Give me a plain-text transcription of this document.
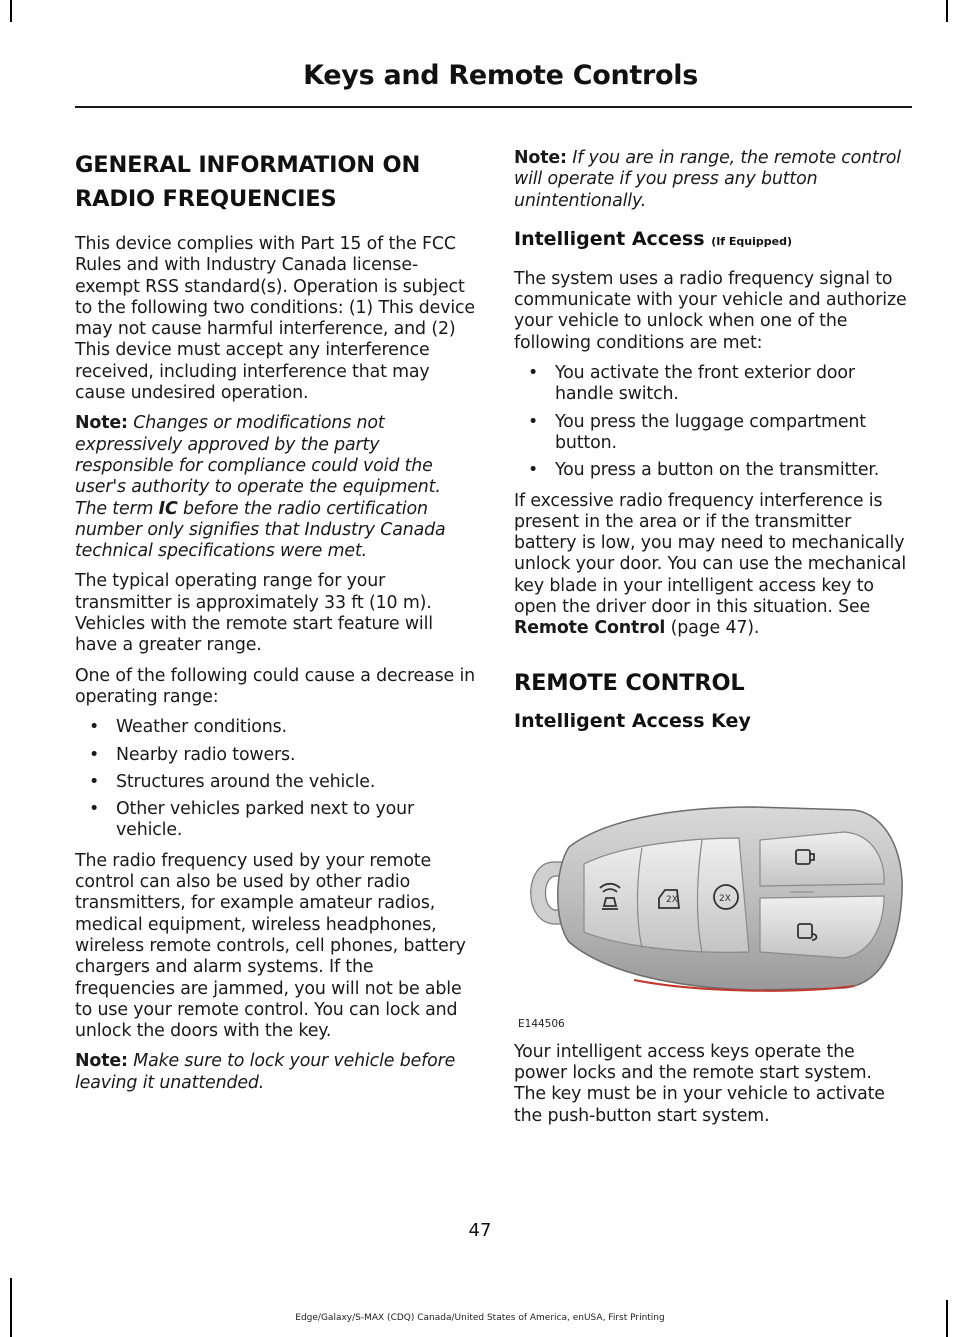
Keys and Remote Controls
GENERAL INFORMATION ON
RADIO FREQUENCIES

This device complies with Part 15 of the FCC Rules and with Industry Canada license-exempt RSS standard(s). Operation is subject to the following two conditions: (1) This device may not cause harmful interference, and (2) This device must accept any interference received, including interference that may cause undesired operation.

Note: Changes or modifications not expressively approved by the party responsible for compliance could void the user's authority to operate the equipment. The term IC before the radio certification number only signifies that Industry Canada technical specifications were met.

The typical operating range for your transmitter is approximately 33 ft (10 m). Vehicles with the remote start feature will have a greater range.

One of the following could cause a decrease in operating range:

• Weather conditions.
• Nearby radio towers.
• Structures around the vehicle.
• Other vehicles parked next to your vehicle.

The radio frequency used by your remote control can also be used by other radio transmitters, for example amateur radios, medical equipment, wireless headphones, wireless remote controls, cell phones, battery chargers and alarm systems. If the frequencies are jammed, you will not be able to use your remote control. You can lock and unlock the doors with the key.

Note: Make sure to lock your vehicle before leaving it unattended.

Note: If you are in range, the remote control will operate if you press any button unintentionally.

Intelligent Access (If Equipped)

The system uses a radio frequency signal to communicate with your vehicle and authorize your vehicle to unlock when one of the following conditions are met:

• You activate the front exterior door handle switch.
• You press the luggage compartment button.
• You press a button on the transmitter.

If excessive radio frequency interference is present in the area or if the transmitter battery is low, you may need to mechanically unlock your door. You can use the mechanical key blade in your intelligent access key to open the driver door in this situation. See Remote Control (page 47).

REMOTE CONTROL
Intelligent Access Key
2X	2X
E144506

Your intelligent access keys operate the power locks and the remote start system. The key must be in your vehicle to activate the push-button start system.

47
Edge/Galaxy/S-MAX (CDQ) Canada/United States of America, enUSA, First Printing
